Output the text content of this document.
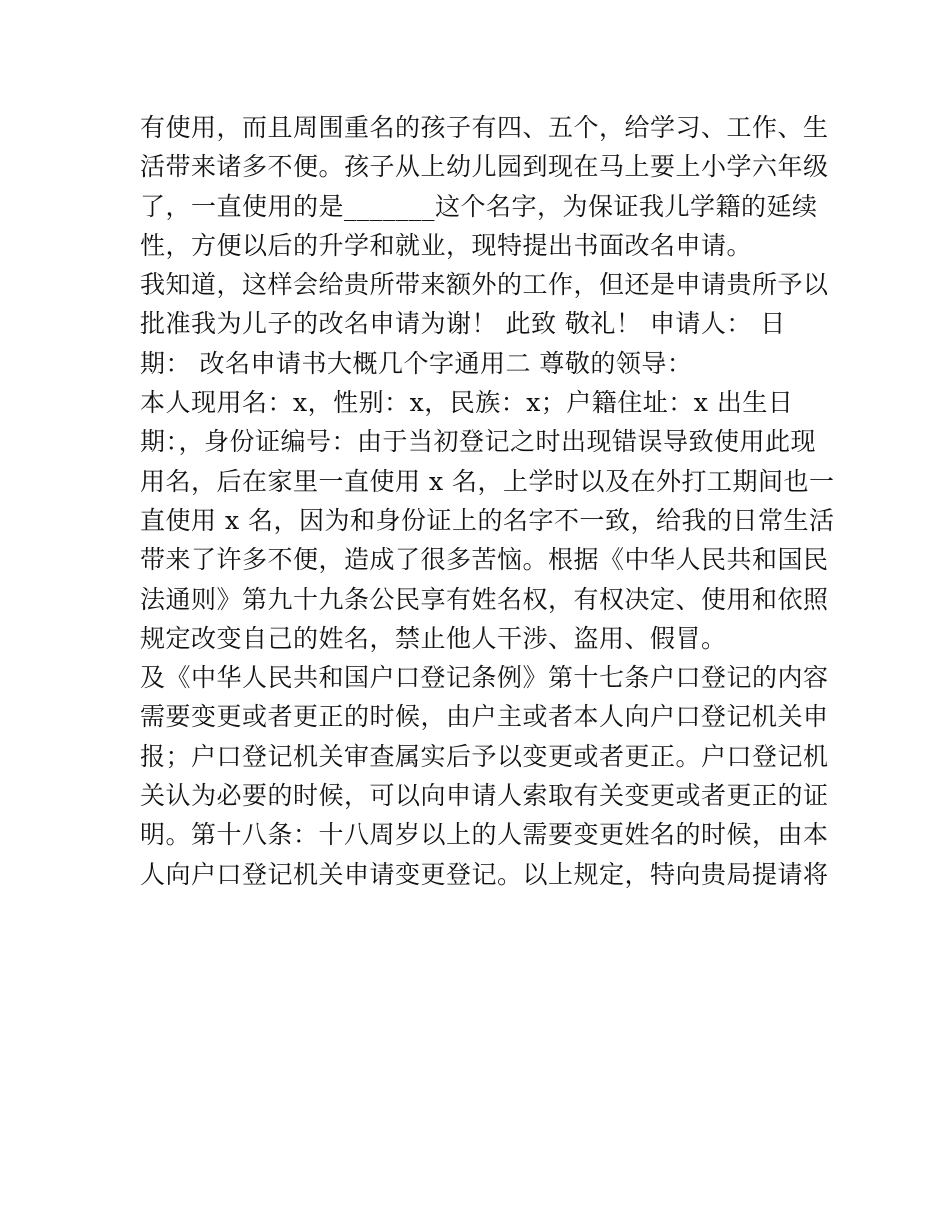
有使用，而且周围重名的孩子有四、五个，给学习、工作、生
活带来诸多不便。孩子从上幼儿园到现在马上要上小学六年级
了，一直使用的是_______这个名字，为保证我儿学籍的延续
性，方便以后的升学和就业，现特提出书面改名申请。
我知道，这样会给贵所带来额外的工作，但还是申请贵所予以
批准我为儿子的改名申请为谢！ 此致 敬礼！ 申请人： 日
期： 改名申请书大概几个字通用二 尊敬的领导：
本人现用名：x，性别：x，民族：x；户籍住址：x 出生日
期：，身份证编号：由于当初登记之时出现错误导致使用此现
用名，后在家里一直使用 x 名，上学时以及在外打工期间也一
直使用 x 名，因为和身份证上的名字不一致，给我的日常生活
带来了许多不便，造成了很多苦恼。根据《中华人民共和国民
法通则》第九十九条公民享有姓名权，有权决定、使用和依照
规定改变自己的姓名，禁止他人干涉、盗用、假冒。
及《中华人民共和国户口登记条例》第十七条户口登记的内容
需要变更或者更正的时候，由户主或者本人向户口登记机关申
报；户口登记机关审查属实后予以变更或者更正。户口登记机
关认为必要的时候，可以向申请人索取有关变更或者更正的证
明。第十八条：十八周岁以上的人需要变更姓名的时候，由本
人向户口登记机关申请变更登记。以上规定，特向贵局提请将
